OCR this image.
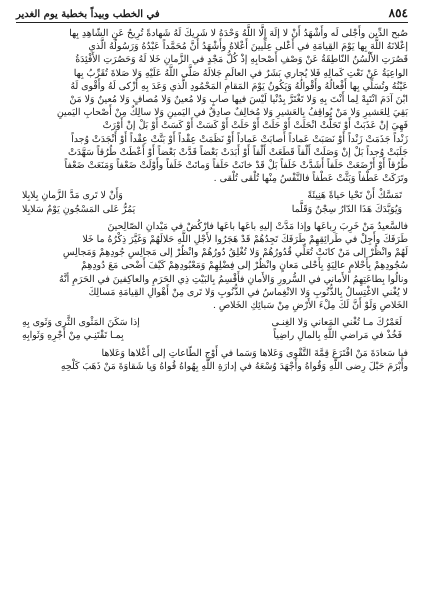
٨٥٤
في الخطب وبيداً بخطبة يوم الغدير

صُبح الدِّين وأَجْلى لَه وأَشْهَدُ أَنْ لا إلَهَ إلَّا اللَّهُ وَحْدَهُ لا شَريكَ لَهُ شَهادةً تُرِيحُ عَنِ الشّاهِدِ بِها

إعْلانَهُ اللَّهَ بِها يَوْمَ القِيامَةِ في أَعْلى عِلِّيينَ أَعْلاهُ وأَشْهَدُ أَنَّ مُحَمَّداً عَبْدُهُ وَرَسُولُهُ الَّذي

قَصُرَتِ الأَلْسُنُ النّاطِقَةُ عَنْ وَصْفِ أَصْحابِهِ إذْ كُلُّ مَجْدٍ في الزَّمانِ خَلا لَهُ وَحَصُرَتِ الأَفْئِدَةُ

الواعِيَةُ عَنْ نَعْتِ كَمالِهِ فَلا يُجاري بَشَرٌ في العالَمِ جَلالَهُ صَلَّى اللَّهُ عَلَيْهِ وَلا صَلاةَ تُقَرِّبُ بِها

عَيْنُهُ وتُسَلِّي بِها أَفْعالُهُ وأَقْوالُهُ وَيَكُونُ يَوْمَ المَقامِ المَحْمُودِ الَّذي وَعَدَ بِهِ أَزْكى لَهُ وأَقْوى لَهُ

ابْنَ آدَمَ انْتَبِهْ لِما أَنْتَ بِهِ وَلا تَغْتَرَّ بِدُنْيا لَيْسَ فيها صابٍ وَلا مُعينٌ وَلا مُصافٍ وَلا مُعينٌ وَلا مَنْ

بَقِيَ لِلعَشيرِ وَلا مَنْ يُواقِفُ بِالعَشيرِ وَلا مُخالِفٌ صادِقٌ في اليَمينِ وَلا سالِكٌ مِنْ أَصْحابِ اليَمينِ

فَهِيَ إنْ عَذَبَتْ أَوْ تَحَلَّتْ انْحَلَتْ أَوْ حَلَتْ أَوْ حَلَتْ أَوْ كَسَتْ أَوْ كَسَتْ أَوْ بَلْ إنْ أَوْرَتْ

زَنْداً جَذَمَتْ زَنْداً أَوْ نَصَبَتْ عَماداً أَصابَتْ عَماداً أَوْ نَظَمَتْ عِقْداً أَوْ بَتَّتْ عِقْداً أَوْ أَنْجَدَتْ وُجداً

جَلَبَتْ وُجداً بَلْ إنْ وَصَلَتْ أَلْفاً قَطَعَتْ أَلْفاً أَوْ أَبَدَتْ بَعْضاً قَدَّتْ بَعْضاً أَوْ أَعْطَتْ طُرُقاً سَهَّدَتْ

طُرُقاً أَوْ أَرْضَعَتْ حَلَفاً أَشَدَّتْ خَلَفاً بَلْ قَدْ خانَتْ حَلَفاً وَماتَتْ خَلَفاً وأَوْلَتْ ضَعْفاً وَمَنَعَتْ ضَعْفاً

وتَرَكَتْ عَطْفاً وَبَثَّتْ عَطْفاً فالنَّفْسُ مِنْها تُلْقى تُلْقى .

تَمَسَّكْ أَنْ تَحْيا حَياةً هَنِيئَةً
وَأَنْ لا تَرى مَدَّ الزَّمانِ بِلابِلا
وَيُوَبَّدَكَ هَذَا الدّارُ سِجْنٌ وَقَلَّما
يَمُرُّ عَلى المَسْجُونِ يَوْمٌ سَلابِلا

فالسَّعيدُ مَنْ خَرِبَ رِباعَها وإذا مَدَّتْ إليهِ باعَها باعَها فارْكُضْ في مَيْدانِ الصّالِحينَ

طَرَفَكَ وأَجِلْ في طَرائِقِهِمْ طَرَفَكَ تَجِدُهُمْ قَدْ هَجَرُوا لأَجْلِ اللَّهِ حَلالَهُمْ وَغَيَّرَ ذِكْرُهُ ما خَلا

لَهُمْ وانْظُرْ إلى مَنْ كانَتْ تُعَلِّي قُدُورُهُمْ وَلا تُغْلِقُ دُورُهُمْ وانْظُرْ إلى مَجالِسِ جُودِهِمْ وَمَجالِسِ

سُجُودِهِمْ بِأَحْلامٍ عالِيَةٍ بِأَحْلى مَعانٍ وانْظُرْ إلى فِضْلِهِمْ وَمَعْبُودِهِمْ كَيْفَ أَضْحى مَعَ دُودِهِمْ

ونالُوا بِطاعَتِهِمُ الأَماني في السُّرورِ وَالأَمانِ فأَقْسِمُ بِالبَيْتِ ذِي الحَرَمِ والعاكِفينَ في الحَرَمِ أنَّهُ

لا يُغْني الاغْتِسالُ بِالذُّنُوبِ وَلا الانْغِماسُ في الذُّنُوبِ وَلا تَرى مِنْ أَهْوالِ القِيامَةِ مَسالِكَ

الخَلاصِ وَلَوْ أَنَّ لَكَ مِلْءَ الأَرْضِ مِنْ سَبائِكِ الخَلاصِ .

لَعَمْرُكَ مـا تُغْني المَعاني وَلا الغِنـى
إذا سَكَنَ المَثْوى الثَّرى وَثَوى بِهِ
فَخُذْ في مَراضي اللَّهِ بِالمالِ راضِياً
بِمـا تَقْتَنِـي مِنْ أَجْرِهِ وَثَوابِهِ

فيا سَعادَةَ مَنْ افْتَرَعَ قِمَّةَ التَّقْوى وَعَلاها وَسَما في أَوْجِ الطّاعاتِ إلى أَعْلاها وَعَلاها

وأَبْرَمَ حَبْلَ رِضى اللَّهِ وَقُواهُ وأَجْهَدَ وُسْعَهُ في إدارَةِ اللَّهِ بِهُواهُ قُواهُ وَيا شَقاوَةَ مَنْ ذَهَبَ كَلْحِهِ
